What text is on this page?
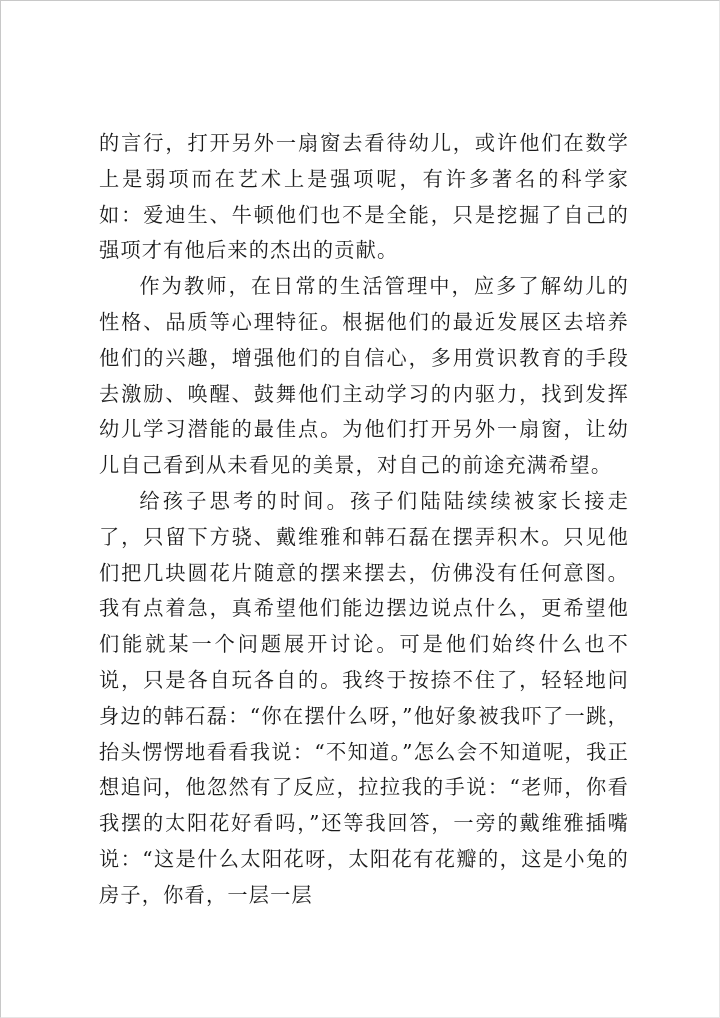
的言行，打开另外一扇窗去看待幼儿，或许他们在数学上是弱项而在艺术上是强项呢，有许多著名的科学家如：爱迪生、牛顿他们也不是全能，只是挖掘了自己的强项才有他后来的杰出的贡献。

作为教师，在日常的生活管理中，应多了解幼儿的性格、品质等心理特征。根据他们的最近发展区去培养他们的兴趣，增强他们的自信心，多用赏识教育的手段去激励、唤醒、鼓舞他们主动学习的内驱力，找到发挥幼儿学习潜能的最佳点。为他们打开另外一扇窗，让幼儿自己看到从未看见的美景，对自己的前途充满希望。

给孩子思考的时间。孩子们陆陆续续被家长接走了，只留下方骁、戴维雅和韩石磊在摆弄积木。只见他们把几块圆花片随意的摆来摆去，仿佛没有任何意图。我有点着急，真希望他们能边摆边说点什么，更希望他们能就某一个问题展开讨论。可是他们始终什么也不说，只是各自玩各自的。我终于按捺不住了，轻轻地问身边的韩石磊：“你在摆什么呀，”他好象被我吓了一跳，抬头愣愣地看看我说：“不知道。”怎么会不知道呢，我正想追问，他忽然有了反应，拉拉我的手说：“老师，你看我摆的太阳花好看吗，”还等我回答，一旁的戴维雅插嘴说：“这是什么太阳花呀，太阳花有花瓣的，这是小兔的房子，你看，一层一层
